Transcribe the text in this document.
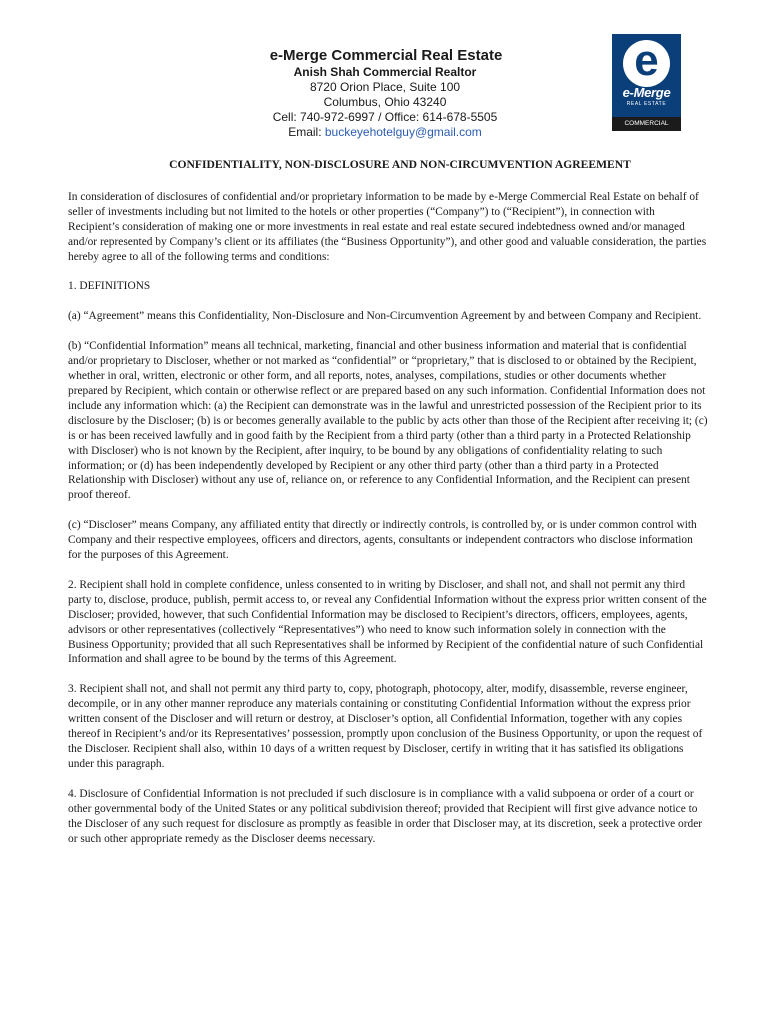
e-Merge Commercial Real Estate
Anish Shah Commercial Realtor
8720 Orion Place, Suite 100
Columbus, Ohio 43240
Cell: 740-972-6997 / Office: 614-678-5505
Email: buckeyehotelguy@gmail.com
e
e-Merge
REAL ESTATE
COMMERCIAL
CONFIDENTIALITY, NON-DISCLOSURE AND NON-CIRCUMVENTION AGREEMENT

In consideration of disclosures of confidential and/or proprietary information to be made by e-Merge Commercial Real Estate on behalf of seller of investments including but not limited to the hotels or other properties (“Company”) to (“Recipient”), in connection with Recipient’s consideration of making one or more investments in real estate and real estate secured indebtedness owned and/or managed and/or represented by Company’s client or its affiliates (the “Business Opportunity”), and other good and valuable consideration, the parties hereby agree to all of the following terms and conditions:

1. DEFINITIONS

(a) “Agreement” means this Confidentiality, Non-Disclosure and Non-Circumvention Agreement by and between Company and Recipient.

(b) “Confidential Information” means all technical, marketing, financial and other business information and material that is confidential and/or proprietary to Discloser, whether or not marked as “confidential” or “proprietary,” that is disclosed to or obtained by the Recipient, whether in oral, written, electronic or other form, and all reports, notes, analyses, compilations, studies or other documents whether prepared by Recipient, which contain or otherwise reflect or are prepared based on any such information. Confidential Information does not include any information which: (a) the Recipient can demonstrate was in the lawful and unrestricted possession of the Recipient prior to its disclosure by the Discloser; (b) is or becomes generally available to the public by acts other than those of the Recipient after receiving it; (c) is or has been received lawfully and in good faith by the Recipient from a third party (other than a third party in a Protected Relationship with Discloser) who is not known by the Recipient, after inquiry, to be bound by any obligations of confidentiality relating to such information; or (d) has been independently developed by Recipient or any other third party (other than a third party in a Protected Relationship with Discloser) without any use of, reliance on, or reference to any Confidential Information, and the Recipient can present proof thereof.

(c) “Discloser” means Company, any affiliated entity that directly or indirectly controls, is controlled by, or is under common control with Company and their respective employees, officers and directors, agents, consultants or independent contractors who disclose information for the purposes of this Agreement.

2. Recipient shall hold in complete confidence, unless consented to in writing by Discloser, and shall not, and shall not permit any third party to, disclose, produce, publish, permit access to, or reveal any Confidential Information without the express prior written consent of the Discloser; provided, however, that such Confidential Information may be disclosed to Recipient’s directors, officers, employees, agents, advisors or other representatives (collectively “Representatives”) who need to know such information solely in connection with the Business Opportunity; provided that all such Representatives shall be informed by Recipient of the confidential nature of such Confidential Information and shall agree to be bound by the terms of this Agreement.

3. Recipient shall not, and shall not permit any third party to, copy, photograph, photocopy, alter, modify, disassemble, reverse engineer, decompile, or in any other manner reproduce any materials containing or constituting Confidential Information without the express prior written consent of the Discloser and will return or destroy, at Discloser’s option, all Confidential Information, together with any copies thereof in Recipient’s and/or its Representatives’ possession, promptly upon conclusion of the Business Opportunity, or upon the request of the Discloser. Recipient shall also, within 10 days of a written request by Discloser, certify in writing that it has satisfied its obligations under this paragraph.

4. Disclosure of Confidential Information is not precluded if such disclosure is in compliance with a valid subpoena or order of a court or other governmental body of the United States or any political subdivision thereof; provided that Recipient will first give advance notice to the Discloser of any such request for disclosure as promptly as feasible in order that Discloser may, at its discretion, seek a protective order or such other appropriate remedy as the Discloser deems necessary.
